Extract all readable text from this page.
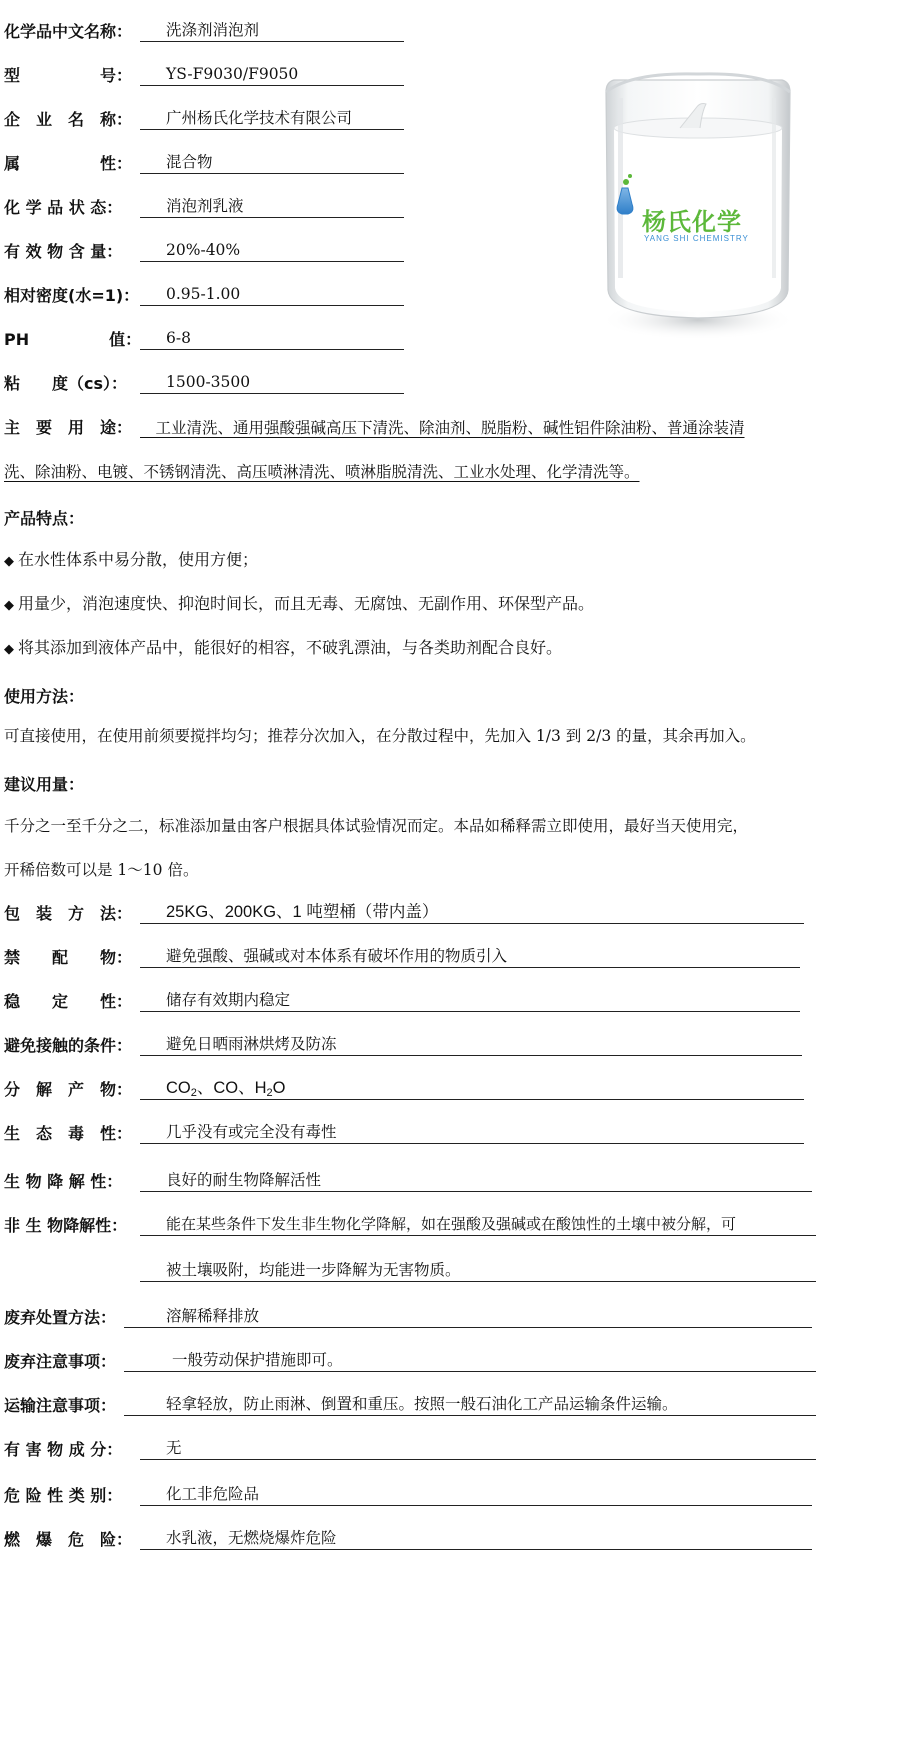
化学品中文名称：	洗涤剂消泡剂
型　　　　　号：	YS-F9030/F9050
企　业　名　称：	广州杨氏化学技术有限公司
属　　　　　性：	混合物
化 学 品 状 态：	消泡剂乳液
有 效 物 含 量：	20%-40%
相对密度(水=1)：	0.95-1.00
PH　　　　　值：	6-8
粘　　度（cs）：	1500-3500
杨氏化学
YANG SHI CHEMISTRY
主　要　用　途： 　工业清洗、通用强酸强碱高压下清洗、除油剂、脱脂粉、碱性铝件除油粉、普通涂装清
洗、除油粉、电镀、不锈钢清洗、高压喷淋清洗、喷淋脂脱清洗、工业水处理、化学清洗等。
产品特点：
◆ 在水性体系中易分散，使用方便；
◆ 用量少，消泡速度快、抑泡时间长，而且无毒、无腐蚀、无副作用、环保型产品。
◆ 将其添加到液体产品中，能很好的相容，不破乳漂油，与各类助剂配合良好。
使用方法：
可直接使用，在使用前须要搅拌均匀；推荐分次加入，在分散过程中，先加入 1/3 到 2/3 的量，其余再加入。
建议用量：
千分之一至千分之二，标准添加量由客户根据具体试验情况而定。本品如稀释需立即使用，最好当天使用完，
开稀倍数可以是 1～10 倍。
包　装　方　法：	25KG、200KG、1 吨塑桶（带内盖）
禁　　配　　物：	避免强酸、强碱或对本体系有破坏作用的物质引入
稳　　定　　性：	储存有效期内稳定
避免接触的条件：	避免日晒雨淋烘烤及防冻
分　解　产　物：	$CO_2$、CO、$H_2O$
生　态　毒　性：	几乎没有或完全没有毒性
生 物 降 解 性：	良好的耐生物降解活性
非 生 物降解性：	能在某些条件下发生非生物化学降解，如在强酸及强碱或在酸蚀性的土壤中被分解，可
被土壤吸附，均能进一步降解为无害物质。
废弃处置方法：	溶解稀释排放
废弃注意事项：	一般劳动保护措施即可。
运输注意事项：	轻拿轻放，防止雨淋、倒置和重压。按照一般石油化工产品运输条件运输。
有 害 物 成 分：	无
危 险 性 类 别：	化工非危险品
燃　爆　危　险：	水乳液，无燃烧爆炸危险
